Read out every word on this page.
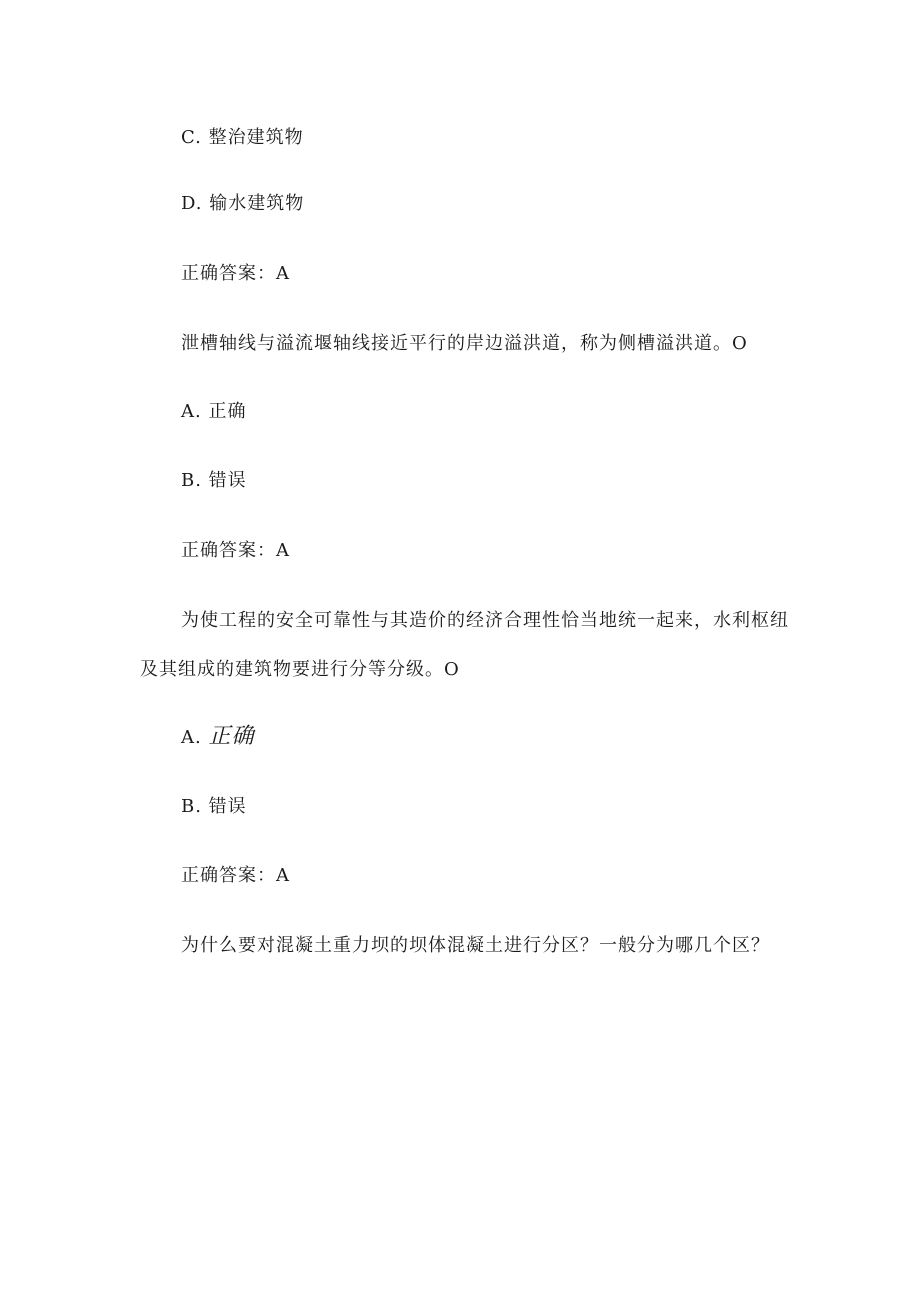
C. 整治建筑物
D. 输水建筑物
正确答案：A
泄槽轴线与溢流堰轴线接近平行的岸边溢洪道，称为侧槽溢洪道。O
A. 正确
B. 错误
正确答案：A
为使工程的安全可靠性与其造价的经济合理性恰当地统一起来，水利枢纽
及其组成的建筑物要进行分等分级。O
A. 正确
B. 错误
正确答案：A
为什么要对混凝土重力坝的坝体混凝土进行分区？一般分为哪几个区？
